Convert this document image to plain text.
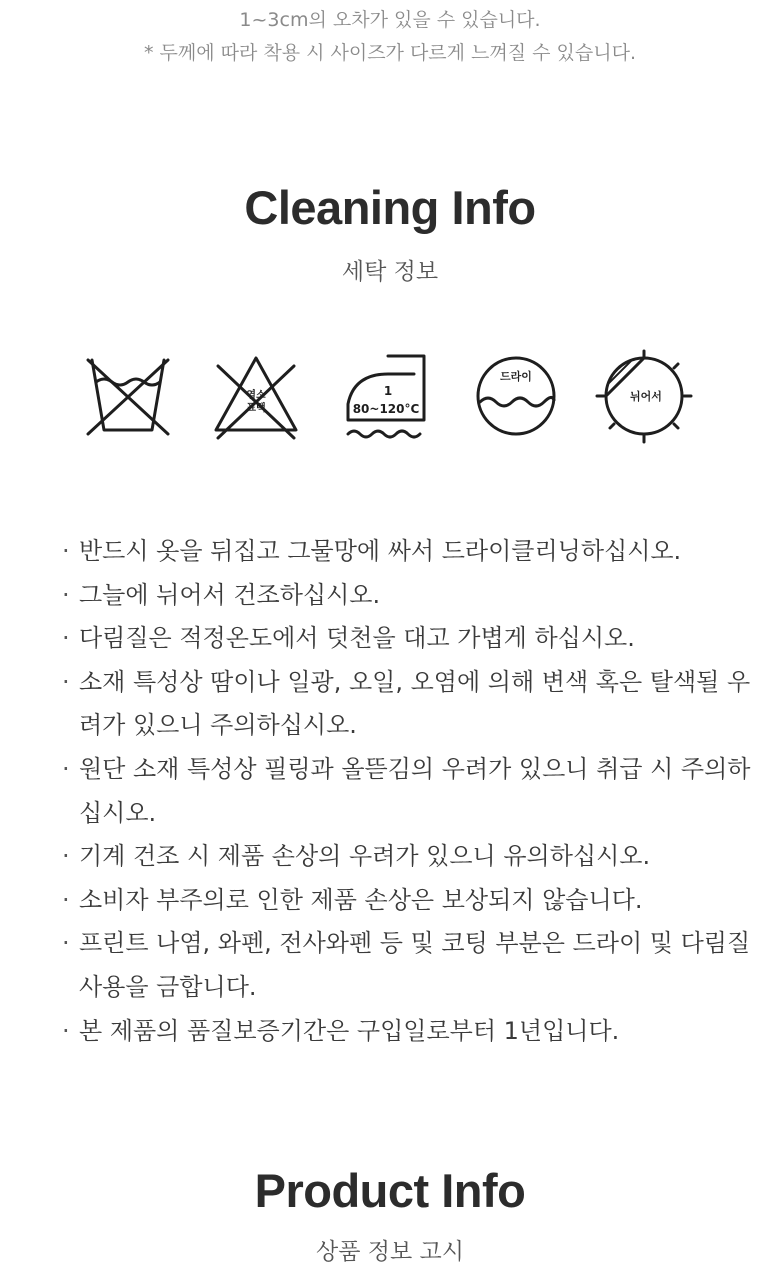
1~3cm의 오차가 있을 수 있습니다.

* 두께에 따라 착용 시 사이즈가 다르게 느껴질 수 있습니다.

Cleaning Info

세탁 정보

염소
표백
1
80~120°C
드라이
뉘어서
· 반드시 옷을 뒤집고 그물망에 싸서 드라이클리닝하십시오.
· 그늘에 뉘어서 건조하십시오.
· 다림질은 적정온도에서 덧천을 대고 가볍게 하십시오.
· 소재 특성상 땀이나 일광, 오일, 오염에 의해 변색 혹은 탈색될 우려가 있으니 주의하십시오.
· 원단 소재 특성상 필링과 올뜯김의 우려가 있으니 취급 시 주의하십시오.
· 기계 건조 시 제품 손상의 우려가 있으니 유의하십시오.
· 소비자 부주의로 인한 제품 손상은 보상되지 않습니다.
· 프린트 나염, 와펜, 전사와펜 등 및 코팅 부분은 드라이 및 다림질 사용을 금합니다.
· 본 제품의 품질보증기간은 구입일로부터 1년입니다.
Product Info

상품 정보 고시
